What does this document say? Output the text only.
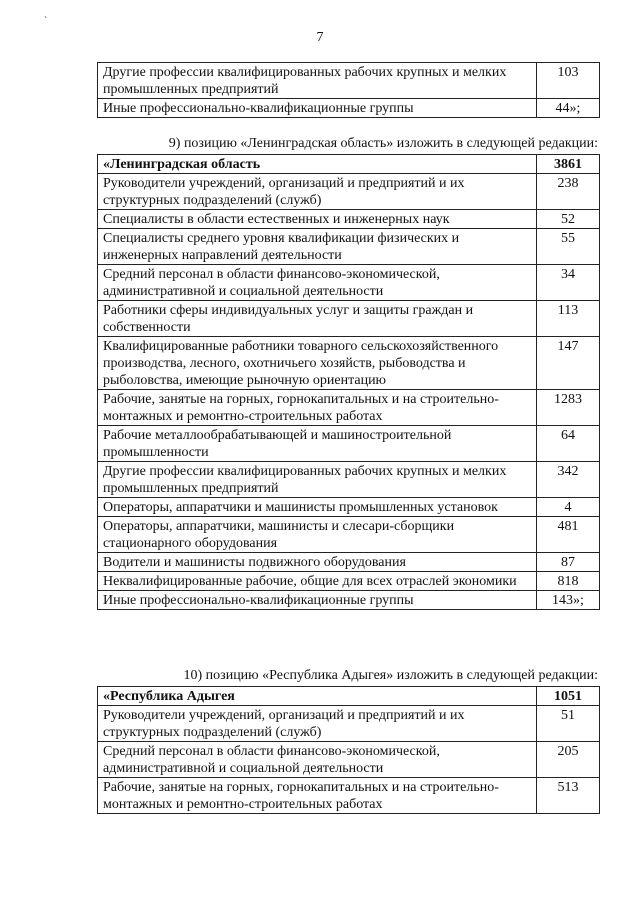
`
7
Другие профессии квалифицированных рабочих крупных и мелких промышленных предприятий	103
Иные профессионально-квалификационные группы	44»;
9) позицию «Ленинградская область» изложить в следующей редакции:
«Ленинградская область	3861
Руководители учреждений, организаций и предприятий и их структурных подразделений (служб)	238
Специалисты в области естественных и инженерных наук	52
Специалисты среднего уровня квалификации физических и инженерных направлений деятельности	55
Средний персонал в области финансово-экономической, административной и социальной деятельности	34
Работники сферы индивидуальных услуг и защиты граждан и собственности	113
Квалифицированные работники товарного сельскохозяйственного производства, лесного, охотничьего хозяйств, рыбоводства и рыболовства, имеющие рыночную ориентацию	147
Рабочие, занятые на горных, горнокапитальных и на строительно-монтажных и ремонтно-строительных работах	1283
Рабочие металлообрабатывающей и машиностроительной промышленности	64
Другие профессии квалифицированных рабочих крупных и мелких промышленных предприятий	342
Операторы, аппаратчики и машинисты промышленных установок	4
Операторы, аппаратчики, машинисты и слесари-сборщики стационарного оборудования	481
Водители и машинисты подвижного оборудования	87
Неквалифицированные рабочие, общие для всех отраслей экономики	818
Иные профессионально-квалификационные группы	143»;
10) позицию «Республика Адыгея» изложить в следующей редакции:
«Республика Адыгея	1051
Руководители учреждений, организаций и предприятий и их структурных подразделений (служб)	51
Средний персонал в области финансово-экономической, административной и социальной деятельности	205
Рабочие, занятые на горных, горнокапитальных и на строительно-монтажных и ремонтно-строительных работах	513
